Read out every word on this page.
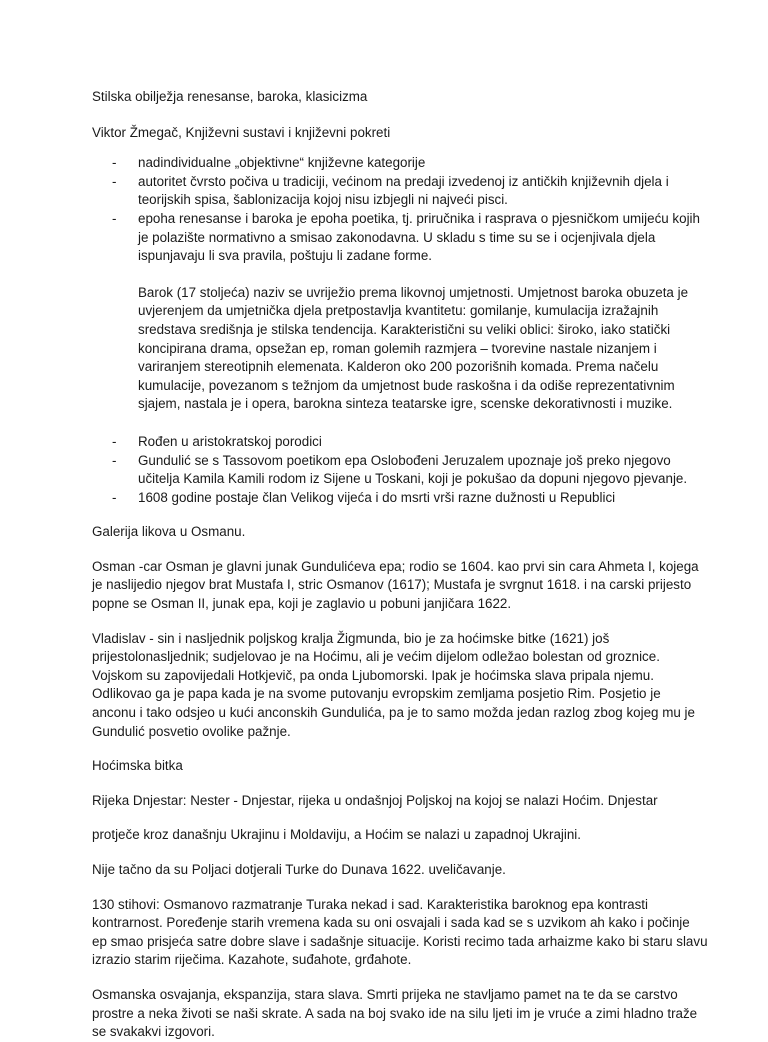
Stilska obilježja renesanse, baroka, klasicizma

Viktor Žmegač, Književni sustavi i književni pokreti

- nadindividualne „objektivne“ književne kategorije
- autoritet čvrsto počiva u tradiciji, većinom na predaji izvedenoj iz antičkih književnih djela i teorijskih spisa, šablonizacija kojoj nisu izbjegli ni najveći pisci.
- epoha renesanse i baroka je epoha poetika, tj. priručnika i rasprava o pjesničkom umijeću kojih je polazište normativno a smisao zakonodavna. U skladu s time su se i ocjenjivala djela ispunjavaju li sva pravila, poštuju li zadane forme.

Barok (17 stoljeća) naziv se uvriježio prema likovnoj umjetnosti. Umjetnost baroka obuzeta je uvjerenjem da umjetnička djela pretpostavlja kvantitetu: gomilanje, kumulacija izražajnih sredstava središnja je stilska tendencija. Karakteristični su veliki oblici: široko, iako statički koncipirana drama, opsežan ep, roman golemih razmjera – tvorevine nastale nizanjem i variranjem stereotipnih elemenata. Kalderon oko 200 pozorišnih komada. Prema načelu kumulacije, povezanom s težnjom da umjetnost bude raskošna i da odiše reprezentativnim sjajem, nastala je i opera, barokna sinteza teatarske igre, scenske dekorativnosti i muzike.

- Rođen u aristokratskoj porodici
- Gundulić se s Tassovom poetikom epa Oslobođeni Jeruzalem upoznaje još preko njegovo učitelja Kamila Kamili rodom iz Sijene u Toskani, koji je pokušao da dopuni njegovo pjevanje.
- 1608 godine postaje član Velikog vijeća i do msrti vrši razne dužnosti u Republici

Galerija likova u Osmanu.

Osman -car Osman je glavni junak Gundulićeva epa; rodio se 1604. kao prvi sin cara Ahmeta I, kojega je naslijedio njegov brat Mustafa I, stric Osmanov (1617); Mustafa je svrgnut 1618. i na carski prijesto popne se Osman II, junak epa, koji je zaglavio u pobuni janjičara 1622.

Vladislav - sin i nasljednik poljskog kralja Žigmunda, bio je za hoćimske bitke (1621) još prijestolonasljednik; sudjelovao je na Hoćimu, ali je većim dijelom odležao bolestan od groznice. Vojskom su zapovijedali Hotkjevič, pa onda Ljubomorski. Ipak je hoćimska slava pripala njemu. Odlikovao ga je papa kada je na svome putovanju evropskim zemljama posjetio Rim. Posjetio je anconu i tako odsjeo u kući anconskih Gundulića, pa je to samo možda jedan razlog zbog kojeg mu je Gundulić posvetio ovolike pažnje.

Hoćimska bitka

Rijeka Dnjestar: Nester - Dnjestar, rijeka u ondašnjoj Poljskoj na kojoj se nalazi Hoćim. Dnjestar

protječe kroz današnju Ukrajinu i Moldaviju, a Hoćim se nalazi u zapadnoj Ukrajini.

Nije tačno da su Poljaci dotjerali Turke do Dunava 1622. uveličavanje.

130 stihovi: Osmanovo razmatranje Turaka nekad i sad. Karakteristika baroknog epa kontrasti kontrarnost. Poređenje starih vremena kada su oni osvajali i sada kad se s uzvikom ah kako i počinje ep smao prisjeća satre dobre slave i sadašnje situacije. Koristi recimo tada arhaizme kako bi staru slavu izrazio starim riječima. Kazahote, suđahote, grđahote.

Osmanska osvajanja, ekspanzija, stara slava. Smrti prijeka ne stavljamo pamet na te da se carstvo prostre a neka životi se naši skrate. A sada na boj svako ide na silu ljeti im je vruće a zimi hladno traže se svakakvi izgovori.
